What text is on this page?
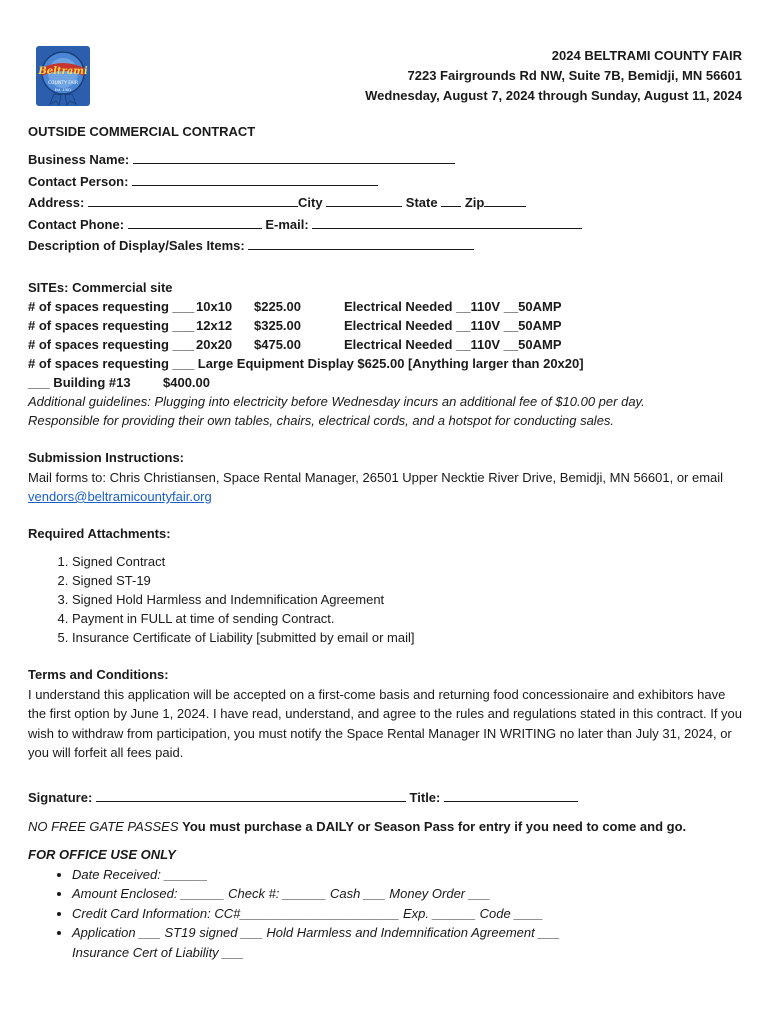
Beltrami
COUNTY FAIR
Est. 1901
2024 BELTRAMI COUNTY FAIR
7223 Fairgrounds Rd NW, Suite 7B, Bemidji, MN 56601
Wednesday, August 7, 2024 through Sunday, August 11, 2024
OUTSIDE COMMERCIAL CONTRACT
Business Name:
Contact Person:
Address:	City	State Zip
Contact Phone:	E-mail:
Description of Display/Sales Items:
SITEs: Commercial site
# of spaces requesting ___ 10x10 $225.00	Electrical Needed __110V __50AMP
# of spaces requesting ___ 12x12 $325.00	Electrical Needed __110V __50AMP
# of spaces requesting ___ 20x20 $475.00	Electrical Needed __110V __50AMP
# of spaces requesting ___ Large Equipment Display $625.00 [Anything larger than 20x20]
___ Building #13 $400.00
Additional guidelines: Plugging into electricity before Wednesday incurs an additional fee of $10.00 per day.
Responsible for providing their own tables, chairs, electrical cords, and a hotspot for conducting sales.
Submission Instructions:
Mail forms to: Chris Christiansen, Space Rental Manager, 26501 Upper Necktie River Drive, Bemidji, MN 56601, or email vendors@beltramicountyfair.org
Required Attachments:
1. Signed Contract
2. Signed ST-19
3. Signed Hold Harmless and Indemnification Agreement
4. Payment in FULL at time of sending Contract.
5. Insurance Certificate of Liability [submitted by email or mail]
Terms and Conditions:
I understand this application will be accepted on a first-come basis and returning food concessionaire and exhibitors have the first option by June 1, 2024. I have read, understand, and agree to the rules and regulations stated in this contract. If you wish to withdraw from participation, you must notify the Space Rental Manager IN WRITING no later than July 31, 2024, or you will forfeit all fees paid.
Signature:	Title:
NO FREE GATE PASSES You must purchase a DAILY or Season Pass for entry if you need to come and go.
FOR OFFICE USE ONLY
• Date Received: ______
• Amount Enclosed: ______ Check #: ______ Cash ___ Money Order ___
• Credit Card Information: CC#______________________ Exp. ______ Code ____
• Application ___ ST19 signed ___ Hold Harmless and Indemnification Agreement ___ Insurance Cert of Liability ___
